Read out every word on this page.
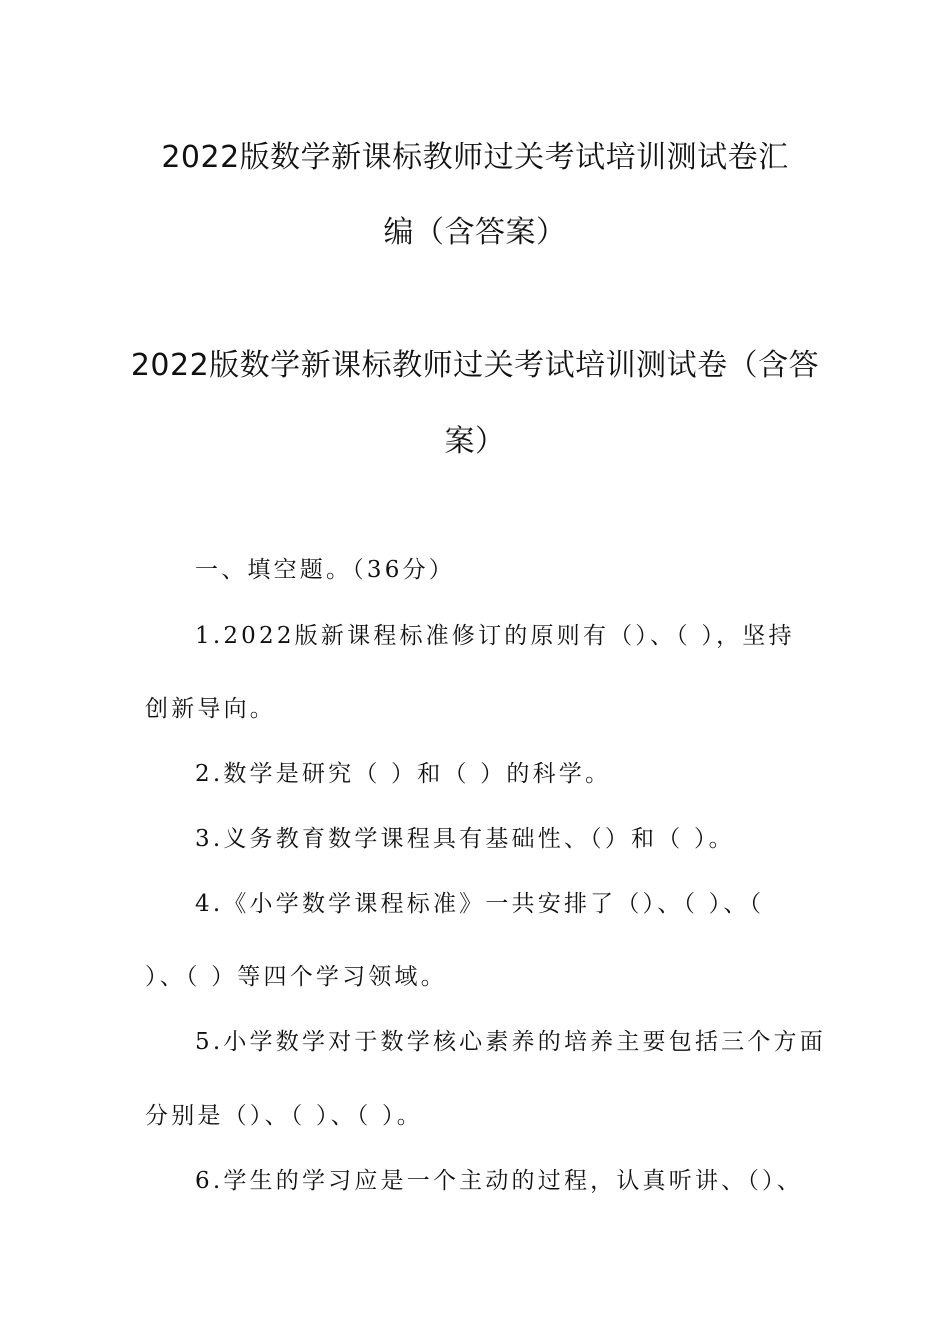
2022版数学新课标教师过关考试培训测试卷汇
编（含答案）
2022版数学新课标教师过关考试培训测试卷（含答
案）

一、填空题。（36分）

1.2022版新课程标准修订的原则有（）、（ ），坚持

创新导向。

2.数学是研究（ ）和（ ）的科学。

3.义务教育数学课程具有基础性、（）和（ ）。

4.《小学数学课程标准》一共安排了（）、（ ）、（

）、（ ）等四个学习领域。

5.小学数学对于数学核心素养的培养主要包括三个方面

分别是（）、（ ）、（ ）。

6.学生的学习应是一个主动的过程，认真听讲、（）、
